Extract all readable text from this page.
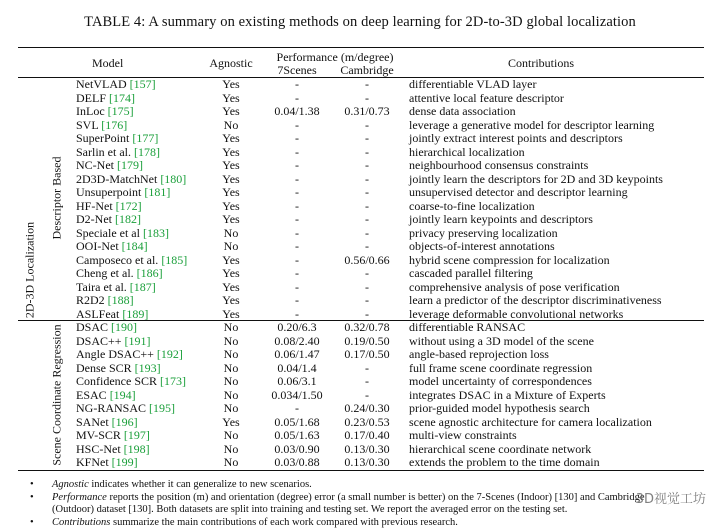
TABLE 4: A summary on existing methods on deep learning for 2D-to-3D global localization
Model	Agnostic	Performance (m/degree)
7Scenes	Cambridge	Contributions
2D-3D Localization
Descriptor Based
Scene Coordinate Regression
NetVLAD [157]	Yes	-	-	differentiable VLAD layer
DELF [174]	Yes	-	-	attentive local feature descriptor
InLoc [175]	Yes	0.04/1.38	0.31/0.73	dense data association
SVL [176]	No	-	-	leverage a generative model for descriptor learning
SuperPoint [177]	Yes	-	-	jointly extract interest points and descriptors
Sarlin et al. [178]	Yes	-	-	hierarchical localization
NC-Net [179]	Yes	-	-	neighbourhood consensus constraints
2D3D-MatchNet [180]	Yes	-	-	jointly learn the descriptors for 2D and 3D keypoints
Unsuperpoint [181]	Yes	-	-	unsupervised detector and descriptor learning
HF-Net [172]	Yes	-	-	coarse-to-fine localization
D2-Net [182]	Yes	-	-	jointly learn keypoints and descriptors
Speciale et al [183]	No	-	-	privacy preserving localization
OOI-Net [184]	No	-	-	objects-of-interest annotations
Camposeco et al. [185]	Yes	-	0.56/0.66	hybrid scene compression for localization
Cheng et al. [186]	Yes	-	-	cascaded parallel filtering
Taira et al. [187]	Yes	-	-	comprehensive analysis of pose verification
R2D2 [188]	Yes	-	-	learn a predictor of the descriptor discriminativeness
ASLFeat [189]	Yes	-	-	leverage deformable convolutional networks
DSAC [190]	No	0.20/6.3	0.32/0.78	differentiable RANSAC
DSAC++ [191]	No	0.08/2.40	0.19/0.50	without using a 3D model of the scene
Angle DSAC++ [192]	No	0.06/1.47	0.17/0.50	angle-based reprojection loss
Dense SCR [193]	No	0.04/1.4	-	full frame scene coordinate regression
Confidence SCR [173]	No	0.06/3.1	-	model uncertainty of correspondences
ESAC [194]	No	0.034/1.50	-	integrates DSAC in a Mixture of Experts
NG-RANSAC [195]	No	-	0.24/0.30	prior-guided model hypothesis search
SANet [196]	Yes	0.05/1.68	0.23/0.53	scene agnostic architecture for camera localization
MV-SCR [197]	No	0.05/1.63	0.17/0.40	multi-view constraints
HSC-Net [198]	No	0.03/0.90	0.13/0.30	hierarchical scene coordinate network
KFNet [199]	No	0.03/0.88	0.13/0.30	extends the problem to the time domain
• Agnostic indicates whether it can generalize to new scenarios.
• Performance reports the position (m) and orientation (degree) error (a small number is better) on the 7-Scenes (Indoor) [130] and Cambridge
(Outdoor) dataset [130]. Both datasets are split into training and testing set. We report the averaged error on the testing set.
• Contributions summarize the main contributions of each work compared with previous research.
3D视觉工坊
